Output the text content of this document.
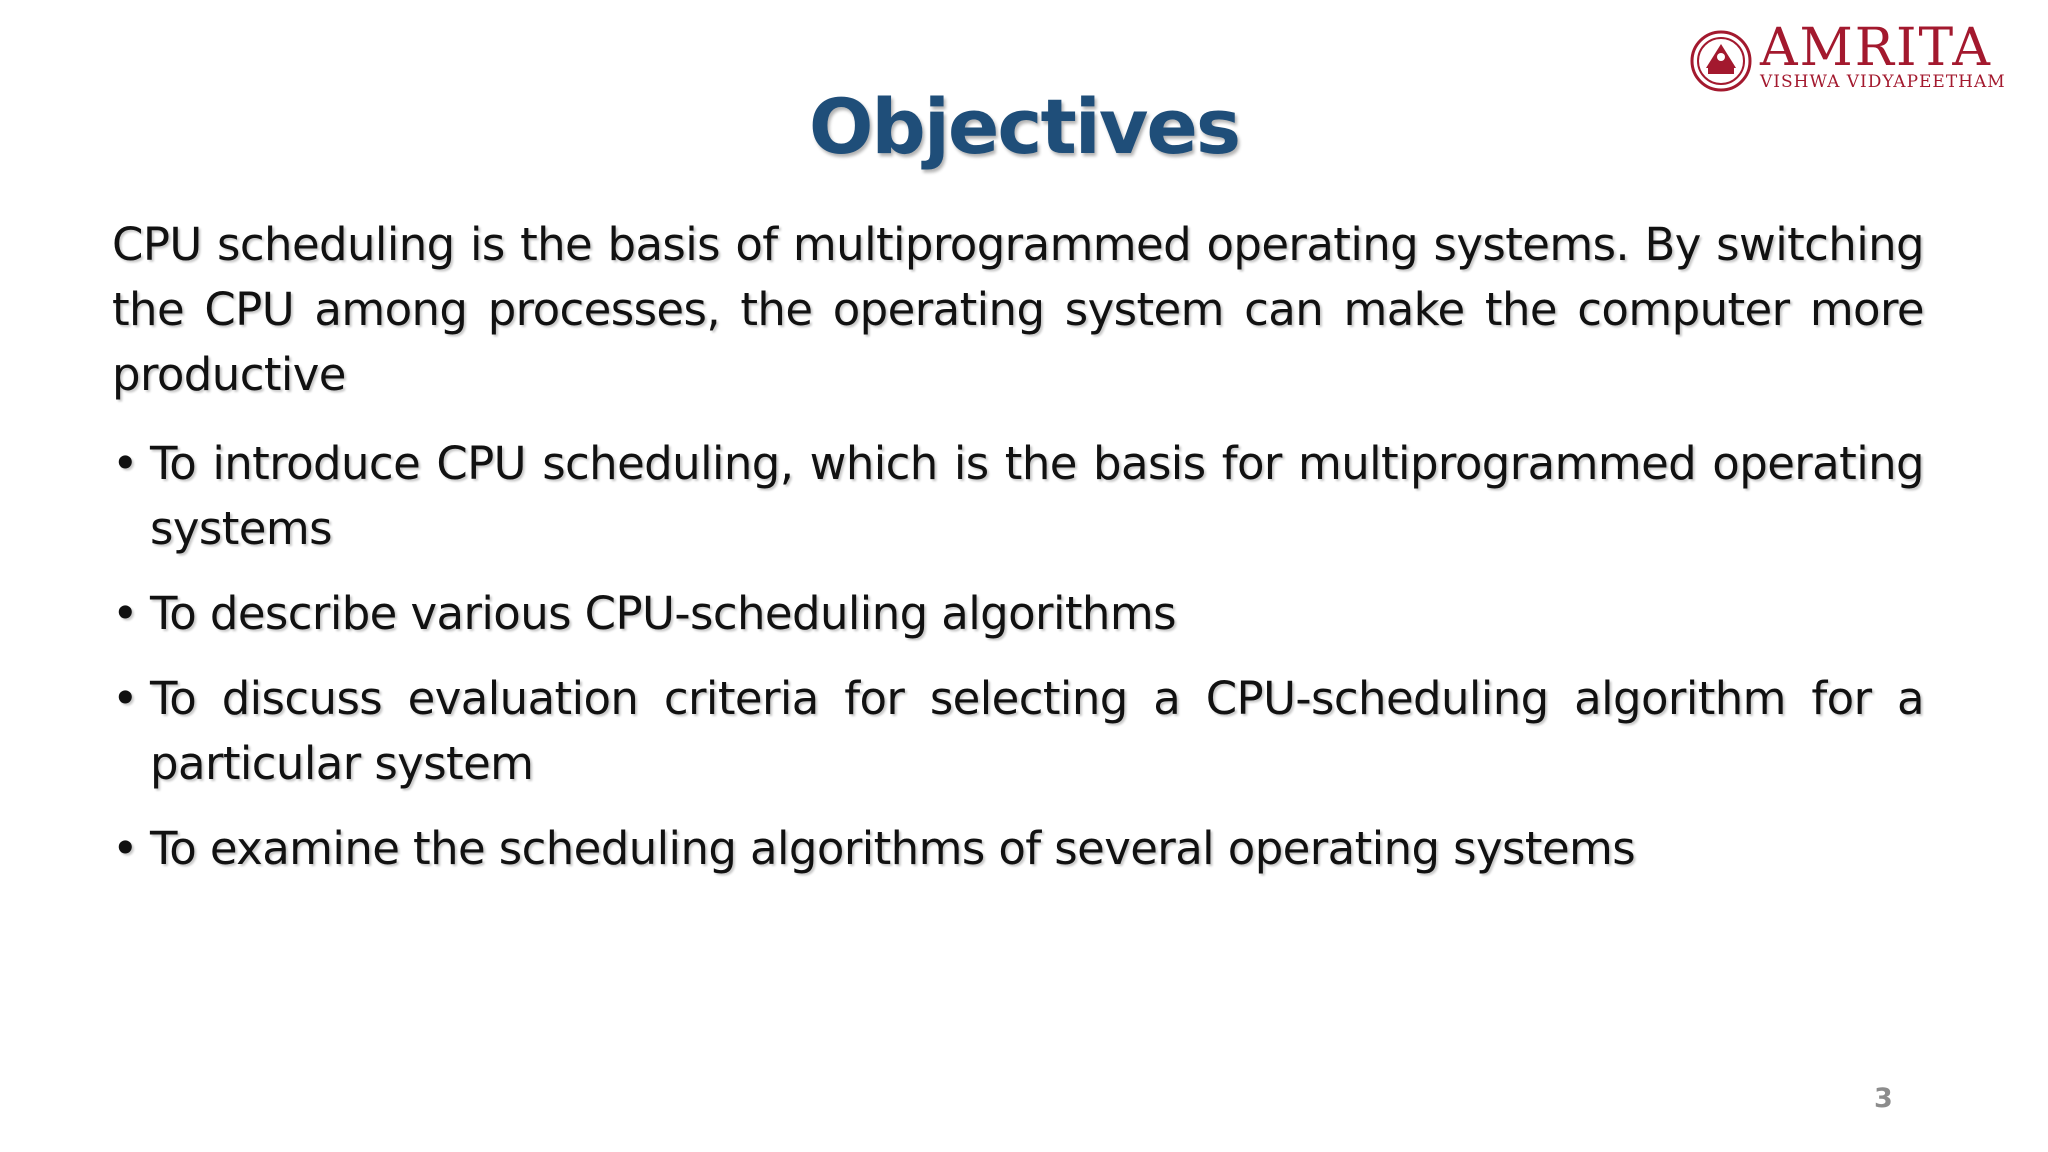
AMRITA
VISHWA VIDYAPEETHAM
Objectives

CPU scheduling is the basis of multiprogrammed operating systems. By switching the CPU among processes, the operating system can make the computer more productive

• To introduce CPU scheduling, which is the basis for multiprogrammed operating systems
• To describe various CPU-scheduling algorithms
• To discuss evaluation criteria for selecting a CPU-scheduling algorithm for a particular system
• To examine the scheduling algorithms of several operating systems
3
